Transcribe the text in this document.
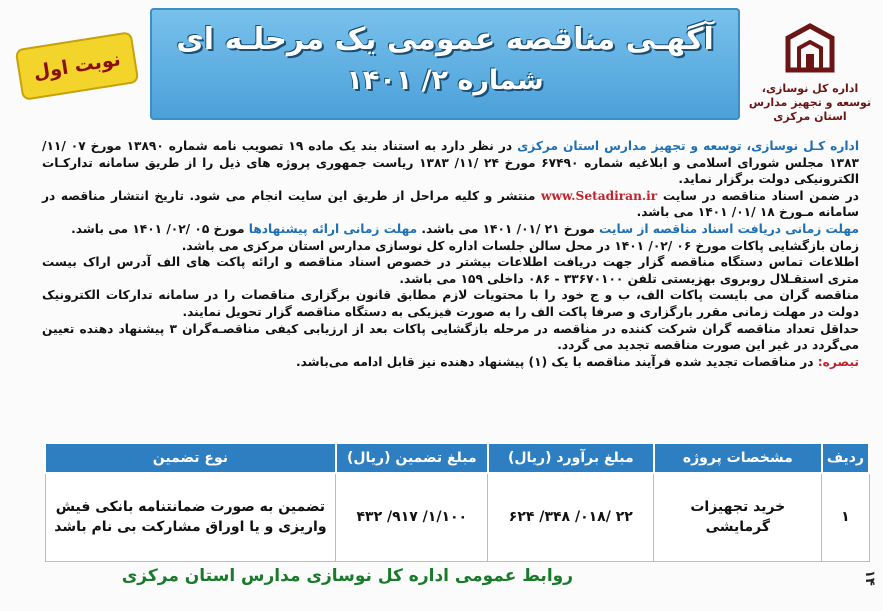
نوبت اول
آگهـی مناقصه عمومی یک مرحلـه ای
شماره ۲/ ۱۴۰۱	اداره کل نوسازی، توسعه و تجهیز مدارس
استان مرکزی

اداره کـل نوسازی، توسعه و تجهیز مدارس استان مرکزی در نظر دارد به استناد بند یک ماده ۱۹ تصویب نامه شماره ۱۳۸۹۰ مورخ ۰۷ /۱۱/ ۱۳۸۳ مجلس شورای اسلامی و ابلاغیه شماره ۶۷۴۹۰ مورخ ۲۴ /۱۱/ ۱۳۸۳ ریاست جمهوری پروژه های ذیل را از طریق سامانه تدارکـات الکترونیکی دولت برگزار نماید.

در ضمن اسناد مناقصه در سایت www.Setadiran.ir منتشر و کلیه مراحل از طریق این سایت انجام می شود. تاریخ انتشار مناقصه در سامانه مـورخ ۱۸ /۰۱/ ۱۴۰۱ می باشد.

مهلت زمانی دریافت اسناد مناقصه از سایت مورخ ۲۱ /۰۱/ ۱۴۰۱ می باشد. مهلت زمانی ارائه پیشنهادها مورخ ۰۵ /۰۲/ ۱۴۰۱ می باشد.

زمان بازگشایی پاکات مورخ ۰۶ /۰۲/ ۱۴۰۱ در محل سالن جلسات اداره کل نوسازی مدارس استان مرکزی می باشد.

اطلاعات تماس دستگاه مناقصه گزار جهت دریافت اطلاعات بیشتر در خصوص اسناد مناقصه و ارائه پاکت های الف آدرس اراک بیست متری استقـلال روبروی بهزیستی تلفن ۳۳۶۷۰۱۰۰ - ۰۸۶ داخلی ۱۵۹ می باشد.

مناقصه گران می بایست پاکات الف، ب و ج خود را با محتویات لازم مطابق قانون برگزاری مناقصات را در سامانه تدارکات الکترونیک دولت در مهلت زمانی مقرر بارگزاری و صرفا پاکت الف را به صورت فیزیکی به دستگاه مناقصه گزار تحویل نمایند.

حداقل تعداد مناقصه گران شرکت کننده در مناقصه در مرحله بازگشایی پاکات بعد از ارزیابی کیفی مناقصـه‌گران ۳ پیشنهاد دهنده تعیین می‌گردد در غیر این صورت مناقصه تجدید می گردد.

تبصره: در مناقصات تجدید شده فرآیند مناقصه با یک (۱) پیشنهاد دهنده نیز قابل ادامه می‌باشد.

ردیف	مشخصات پروژه	مبلغ برآورد (ریال)	مبلغ تضمین (ریال)	نوع تضمین
۱	خرید تجهیزات گرمایشی	۲۲ /۰۱۸/ ۳۴۸/ ۶۲۴	۱/۱۰۰/ ۹۱۷/ ۴۳۲	تضمین به صورت ضمانتنامه بانکی فیش واریزی و یا اوراق مشارکت بی نام باشد
روابط عمومی اداره کل نوسازی مدارس استان مرکزی	۱۴
